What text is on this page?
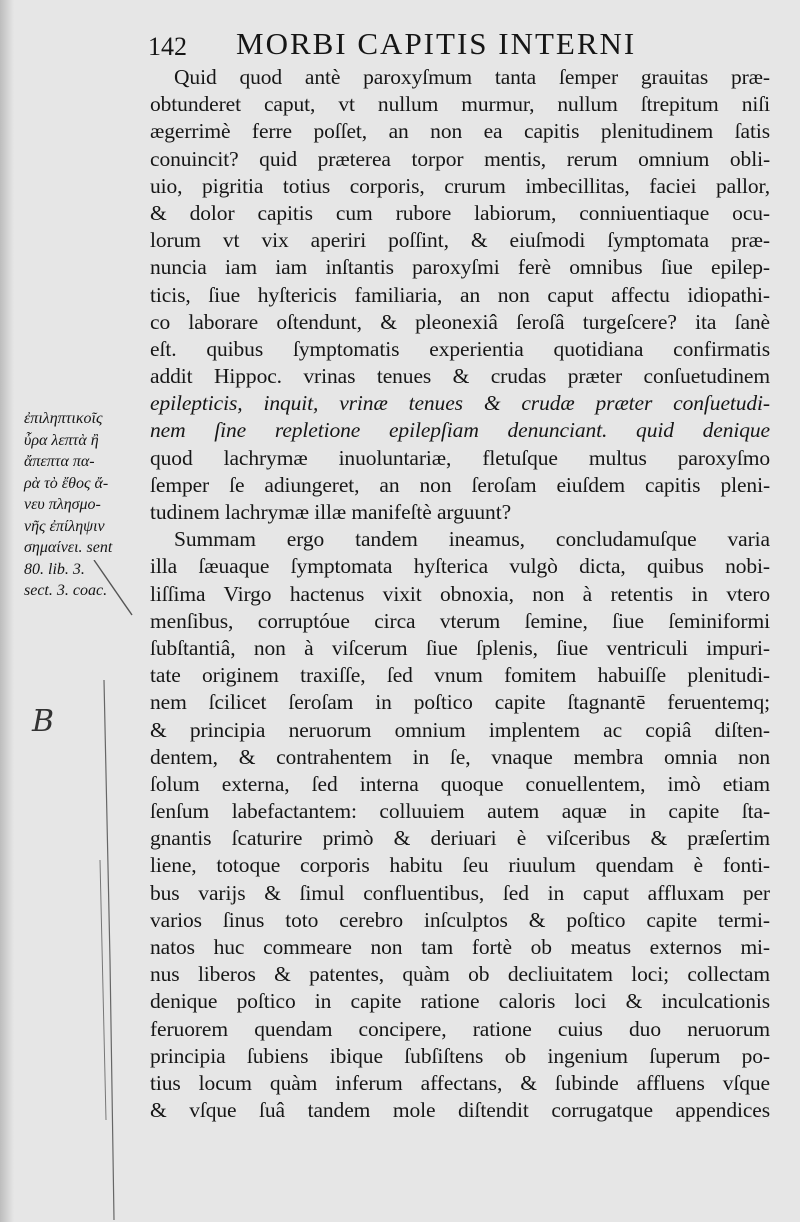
142 MORBI CAPITIS INTERNI
Quid quod antè paroxyſmum tanta ſemper grauitas præ-
obtunderet caput, vt nullum murmur, nullum ſtrepitum niſi
ægerrimè ferre poſſet, an non ea capitis plenitudinem ſatis
conuincit? quid præterea torpor mentis, rerum omnium obli-
uio, pigritia totius corporis, crurum imbecillitas, faciei pallor,
& dolor capitis cum rubore labiorum, conniuentiaque ocu-
lorum vt vix aperiri poſſint, & eiuſmodi ſymptomata præ-
nuncia iam iam inſtantis paroxyſmi ferè omnibus ſiue epilep-
ticis, ſiue hyſtericis familiaria, an non caput affectu idiopathi-
co laborare oſtendunt, & pleonexiâ ſeroſâ turgeſcere? ita ſanè
eſt. quibus ſymptomatis experientia quotidiana confirmatis
addit Hippoc. vrinas tenues & crudas præter conſuetudinem
epilepticis, inquit, vrinæ tenues & crudæ præter conſuetudi-
nem ſine repletione epilepſiam denunciant. quid denique
quod lachrymæ inuoluntariæ, fletuſque multus paroxyſmo
ſemper ſe adiungeret, an non ſeroſam eiuſdem capitis pleni-
tudinem lachrymæ illæ manifeſtè arguunt?
Summam ergo tandem ineamus, concludamuſque varia
illa ſæuaque ſymptomata hyſterica vulgò dicta, quibus nobi-
liſſima Virgo hactenus vixit obnoxia, non à retentis in vtero
menſibus, corruptóue circa vterum ſemine, ſiue ſeminiformi
ſubſtantiâ, non à viſcerum ſiue ſplenis, ſiue ventriculi impuri-
tate originem traxiſſe, ſed vnum fomitem habuiſſe plenitudi-
nem ſcilicet ſeroſam in poſtico capite ſtagnantē feruentemq;
& principia neruorum omnium implentem ac copiâ diſten-
dentem, & contrahentem in ſe, vnaque membra omnia non
ſolum externa, ſed interna quoque conuellentem, imò etiam
ſenſum labefactantem: colluuiem autem aquæ in capite ſta-
gnantis ſcaturire primò & deriuari è viſceribus & præſertim
liene, totoque corporis habitu ſeu riuulum quendam è fonti-
bus varijs & ſimul confluentibus, ſed in caput affluxam per
varios ſinus toto cerebro inſculptos & poſtico capite termi-
natos huc commeare non tam fortè ob meatus externos mi-
nus liberos & patentes, quàm ob decliuitatem loci; collectam
denique poſtico in capite ratione caloris loci & inculcationis
feruorem quendam concipere, ratione cuius duo neruorum
principia ſubiens ibique ſubſiſtens ob ingenium ſuperum po-
tius locum quàm inferum affectans, & ſubinde affluens vſque
& vſque ſuâ tandem mole diſtendit corrugatque appendices
ἐπιληπτικοῖς
ὖρα λεπτὰ ἢ
ἄπεπτα πα-
ρὰ τὸ ἔθος ἄ-
νευ πλησμο-
νῆς ἐπίληψιν
σημαίνει. sent
80. lib. 3.
sect. 3. coac.
B
